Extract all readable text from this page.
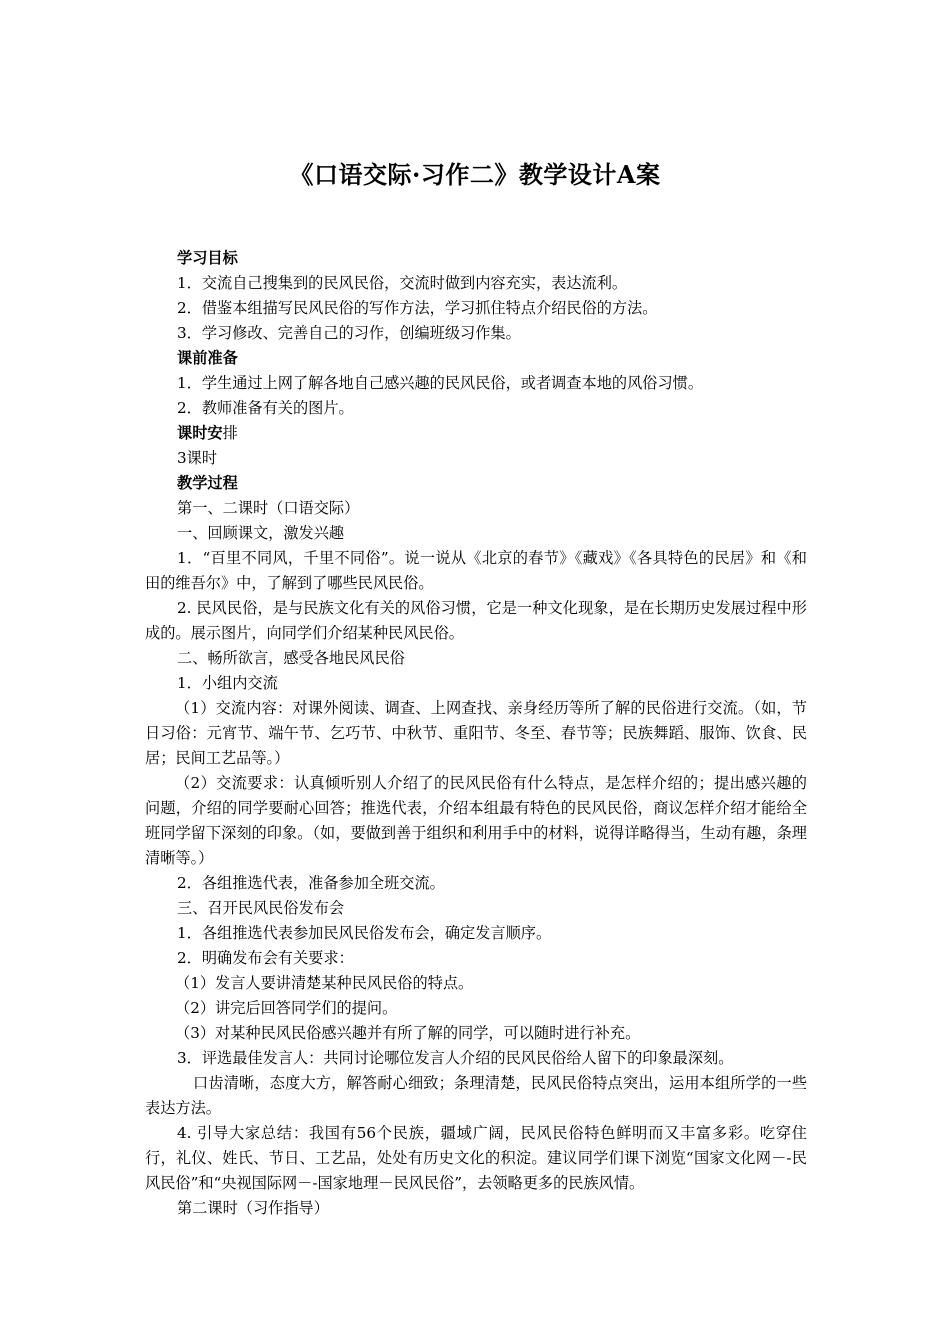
《口语交际·习作二》教学设计A案

学习目标

1．交流自己搜集到的民风民俗，交流时做到内容充实，表达流利。

2．借鉴本组描写民风民俗的写作方法，学习抓住特点介绍民俗的方法。

3．学习修改、完善自己的习作，创编班级习作集。

课前准备

1．学生通过上网了解各地自己感兴趣的民风民俗，或者调查本地的风俗习惯。

2．教师准备有关的图片。

课时安排

3课时

教学过程

第一、二课时（口语交际）

一、回顾课文，激发兴趣

1．“百里不同风，千里不同俗”。说一说从《北京的春节》《藏戏》《各具特色的民居》和《和田的维吾尔》中，了解到了哪些民风民俗。

2. 民风民俗，是与民族文化有关的风俗习惯，它是一种文化现象，是在长期历史发展过程中形成的。展示图片，向同学们介绍某种民风民俗。

二、畅所欲言，感受各地民风民俗

1．小组内交流

（1）交流内容：对课外阅读、调查、上网查找、亲身经历等所了解的民俗进行交流。（如，节日习俗：元宵节、端午节、乞巧节、中秋节、重阳节、冬至、春节等；民族舞蹈、服饰、饮食、民居；民间工艺品等。）

（2）交流要求：认真倾听别人介绍了的民风民俗有什么特点，是怎样介绍的；提出感兴趣的问题，介绍的同学要耐心回答；推选代表，介绍本组最有特色的民风民俗，商议怎样介绍才能给全班同学留下深刻的印象。（如，要做到善于组织和利用手中的材料，说得详略得当，生动有趣，条理清晰等。）

2．各组推选代表，准备参加全班交流。

三、召开民风民俗发布会

1．各组推选代表参加民风民俗发布会，确定发言顺序。

2．明确发布会有关要求：

（1）发言人要讲清楚某种民风民俗的特点。

（2）讲完后回答同学们的提问。

（3）对某种民风民俗感兴趣并有所了解的同学，可以随时进行补充。

3．评选最佳发言人：共同讨论哪位发言人介绍的民风民俗给人留下的印象最深刻。

口齿清晰，态度大方，解答耐心细致；条理清楚，民风民俗特点突出，运用本组所学的一些表达方法。

4. 引导大家总结：我国有56个民族，疆域广阔，民风民俗特色鲜明而又丰富多彩。吃穿住行，礼仪、姓氏、节日、工艺品，处处有历史文化的积淀。建议同学们课下浏览“国家文化网－-民风民俗”和“央视国际网－-国家地理－民风民俗”，去领略更多的民族风情。

第二课时（习作指导）
